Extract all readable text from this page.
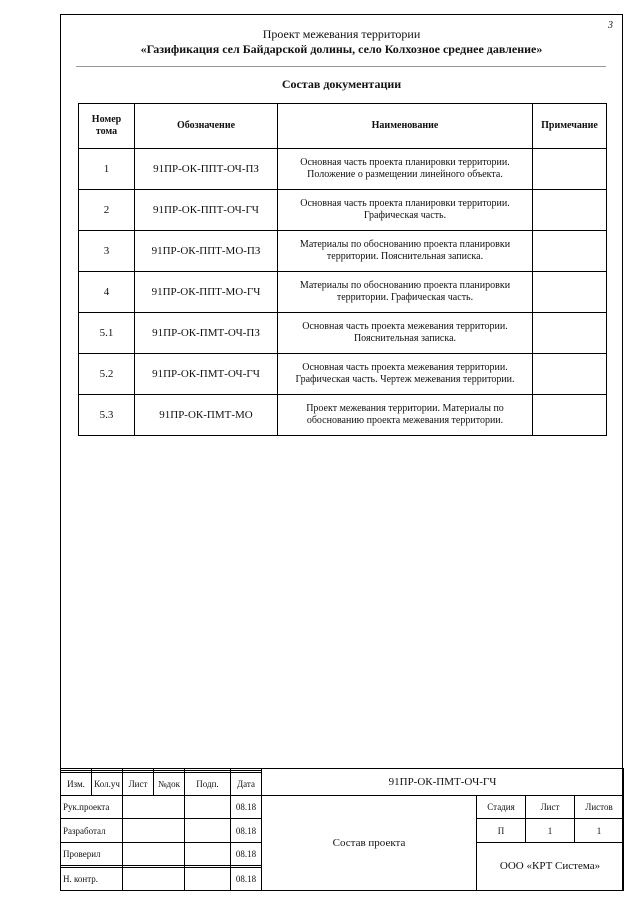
3
Проект межевания территории
«Газификация сел Байдарской долины, село Колхозное среднее давление»
Состав документации
Номер тома	Обозначение	Наименование	Примечание
1	91ПР-ОК-ППТ-ОЧ-ПЗ	Основная часть проекта планировки территории. Положение о размещении линейного объекта.	
2	91ПР-ОК-ППТ-ОЧ-ГЧ	Основная часть проекта планировки территории. Графическая часть.	
3	91ПР-ОК-ППТ-МО-ПЗ	Материалы по обоснованию проекта планировки территории. Пояснительная записка.	
4	91ПР-ОК-ППТ-МО-ГЧ	Материалы по обоснованию проекта планировки территории. Графическая часть.	
5.1	91ПР-ОК-ПМТ-ОЧ-ПЗ	Основная часть проекта межевания территории. Пояснительная записка.	
5.2	91ПР-ОК-ПМТ-ОЧ-ГЧ	Основная часть проекта межевания территории. Графическая часть. Чертеж межевания территории.	
5.3	91ПР-ОК-ПМТ-МО	Проект межевания территории. Материалы по обоснованию проекта межевания территории.	
						91ПР-ОК-ПМТ-ОЧ-ГЧ			

Изм.	Кол.уч	Лист	№док	Подп.	Дата				
Рук.проекта					08.18	Состав проекта	Стадия	Лист	Листов
Разработал					08.18		П	1	1
Проверил					08.18		ООО «КРТ Система»		

Н. контр.					08.18				
